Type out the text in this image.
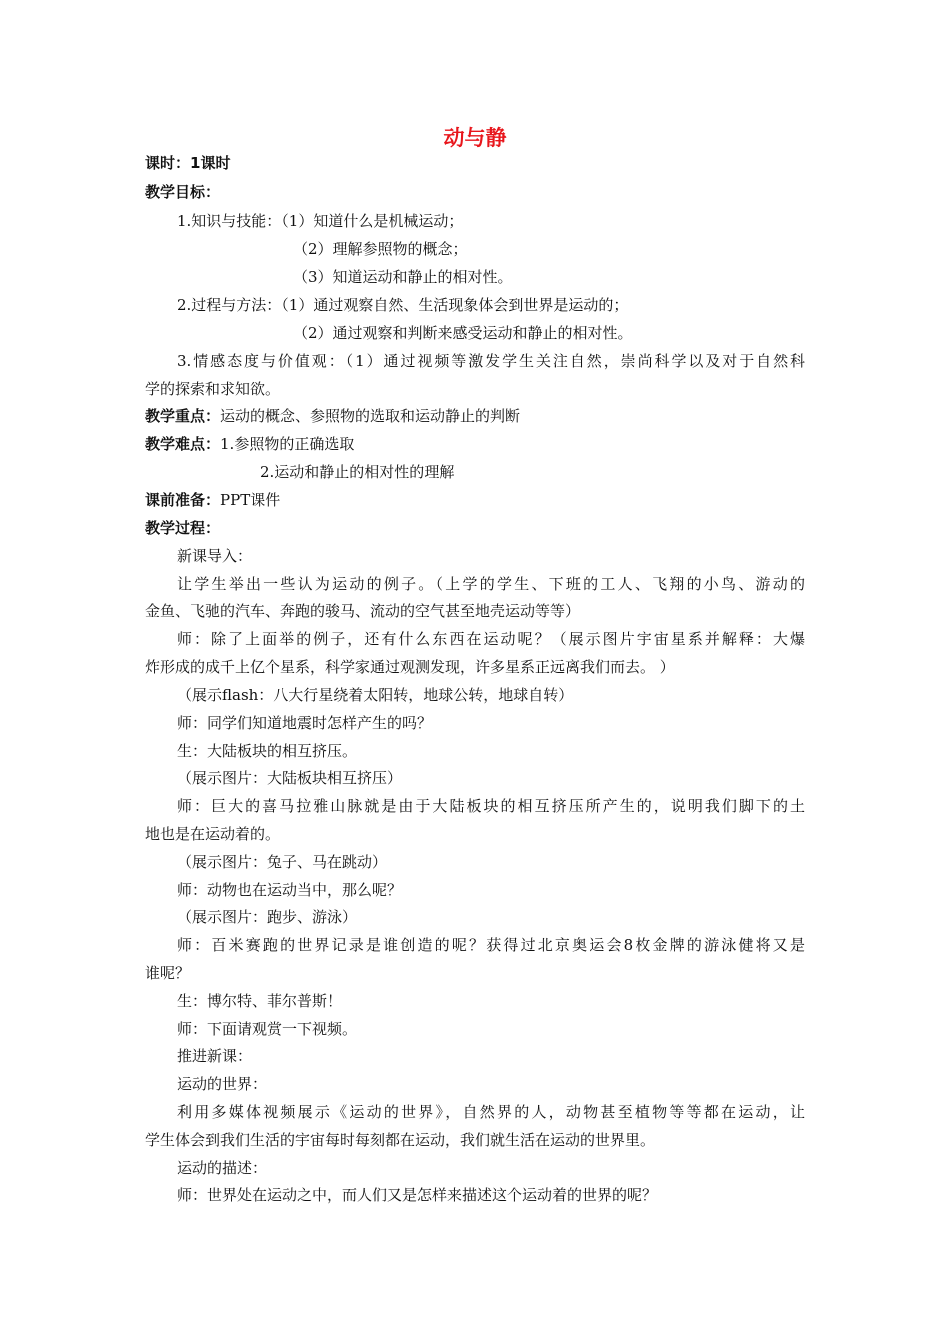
动与静
课时：1课时
教学目标：
1.知识与技能：（1）知道什么是机械运动；
（2）理解参照物的概念；
（3）知道运动和静止的相对性。
2.过程与方法：（1）通过观察自然、生活现象体会到世界是运动的；
（2）通过观察和判断来感受运动和静止的相对性。
3.情感态度与价值观：（1）通过视频等激发学生关注自然，崇尚科学以及对于自然科
学的探索和求知欲。
教学重点：运动的概念、参照物的选取和运动静止的判断
教学难点：1.参照物的正确选取
2.运动和静止的相对性的理解
课前准备：PPT课件
教学过程：
新课导入：
让学生举出一些认为运动的例子。（上学的学生、下班的工人、飞翔的小鸟、游动的
金鱼、飞驰的汽车、奔跑的骏马、流动的空气甚至地壳运动等等）
师：除了上面举的例子，还有什么东西在运动呢？（展示图片宇宙星系并解释：大爆
炸形成的成千上亿个星系，科学家通过观测发现，许多星系正远离我们而去。 ）
（展示flash：八大行星绕着太阳转，地球公转，地球自转）
师：同学们知道地震时怎样产生的吗？
生：大陆板块的相互挤压。
（展示图片：大陆板块相互挤压）
师：巨大的喜马拉雅山脉就是由于大陆板块的相互挤压所产生的，说明我们脚下的土
地也是在运动着的。
（展示图片：兔子、马在跳动）
师：动物也在运动当中，那么呢？
（展示图片：跑步、游泳）
师：百米赛跑的世界记录是谁创造的呢？获得过北京奥运会8枚金牌的游泳健将又是
谁呢？
生：博尔特、菲尔普斯！
师：下面请观赏一下视频。
推进新课：
运动的世界：
利用多媒体视频展示《运动的世界》，自然界的人，动物甚至植物等等都在运动，让
学生体会到我们生活的宇宙每时每刻都在运动，我们就生活在运动的世界里。
运动的描述：
师：世界处在运动之中，而人们又是怎样来描述这个运动着的世界的呢？
